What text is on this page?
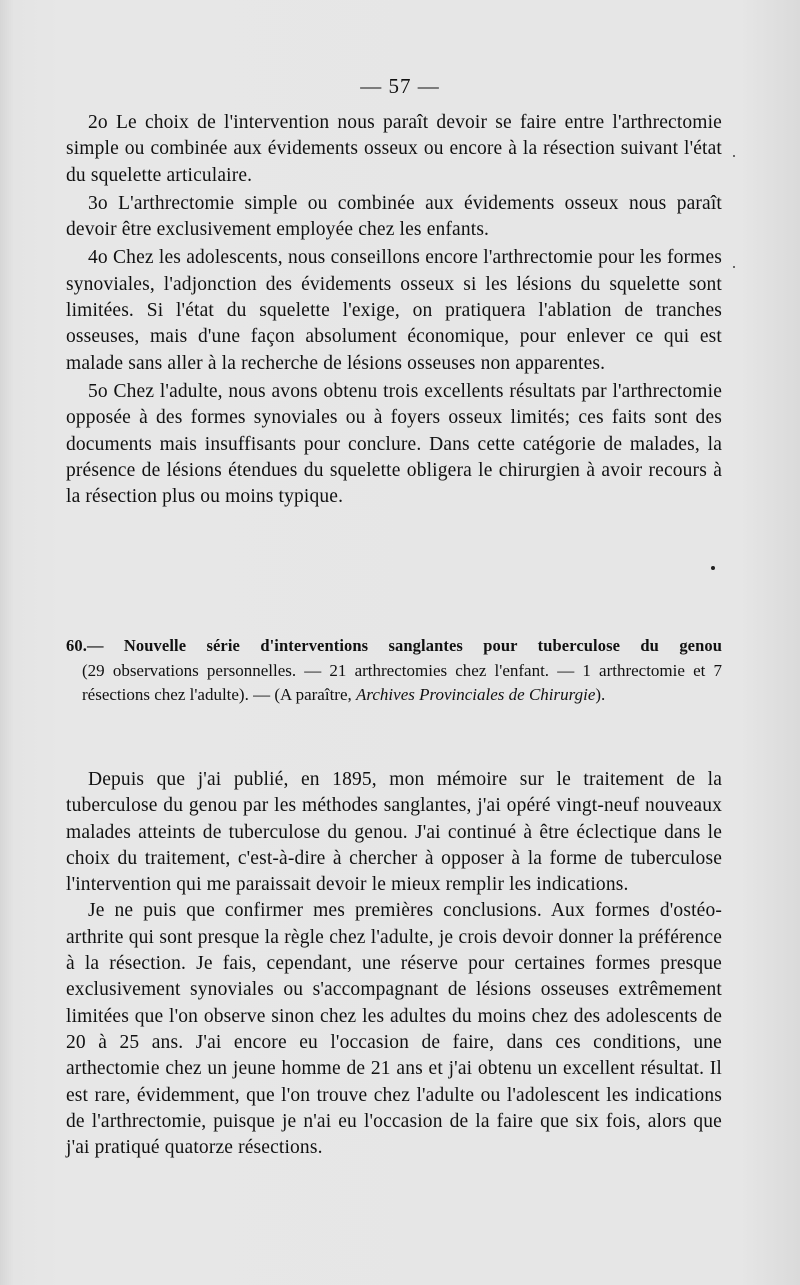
— 57 —

2o Le choix de l'intervention nous paraît devoir se faire entre l'arthrectomie simple ou combinée aux évidements osseux ou encore à la résection suivant l'état du squelette articulaire.

3o L'arthrectomie simple ou combinée aux évidements osseux nous paraît devoir être exclusivement employée chez les enfants.

4o Chez les adolescents, nous conseillons encore l'arthrectomie pour les formes synoviales, l'adjonction des évidements osseux si les lésions du squelette sont limitées. Si l'état du squelette l'exige, on pratiquera l'ablation de tranches osseuses, mais d'une façon absolument économique, pour enlever ce qui est malade sans aller à la recherche de lésions osseuses non apparentes.

5o Chez l'adulte, nous avons obtenu trois excellents résultats par l'arthrectomie opposée à des formes synoviales ou à foyers osseux limités; ces faits sont des documents mais insuffisants pour conclure. Dans cette catégorie de malades, la présence de lésions étendues du squelette obligera le chirurgien à avoir recours à la résection plus ou moins typique.

60.— Nouvelle série d'interventions sanglantes pour tuberculose du genou
(29 observations personnelles. — 21 arthrectomies chez l'enfant. — 1 arthrectomie et 7 résections chez l'adulte). — (A paraître, Archives Provinciales de Chirurgie).

Depuis que j'ai publié, en 1895, mon mémoire sur le traitement de la tuberculose du genou par les méthodes sanglantes, j'ai opéré vingt-neuf nouveaux malades atteints de tuberculose du genou. J'ai continué à être éclectique dans le choix du traitement, c'est-à-dire à chercher à opposer à la forme de tuberculose l'intervention qui me paraissait devoir le mieux remplir les indications.

Je ne puis que confirmer mes premières conclusions. Aux formes d'ostéo-arthrite qui sont presque la règle chez l'adulte, je crois devoir donner la préférence à la résection. Je fais, cependant, une réserve pour certaines formes presque exclusivement synoviales ou s'accompagnant de lésions osseuses extrêmement limitées que l'on observe sinon chez les adultes du moins chez des adolescents de 20 à 25 ans. J'ai encore eu l'occasion de faire, dans ces conditions, une arthectomie chez un jeune homme de 21 ans et j'ai obtenu un excellent résultat. Il est rare, évidemment, que l'on trouve chez l'adulte ou l'adolescent les indications de l'arthrectomie, puisque je n'ai eu l'occasion de la faire que six fois, alors que j'ai pratiqué quatorze résections.
